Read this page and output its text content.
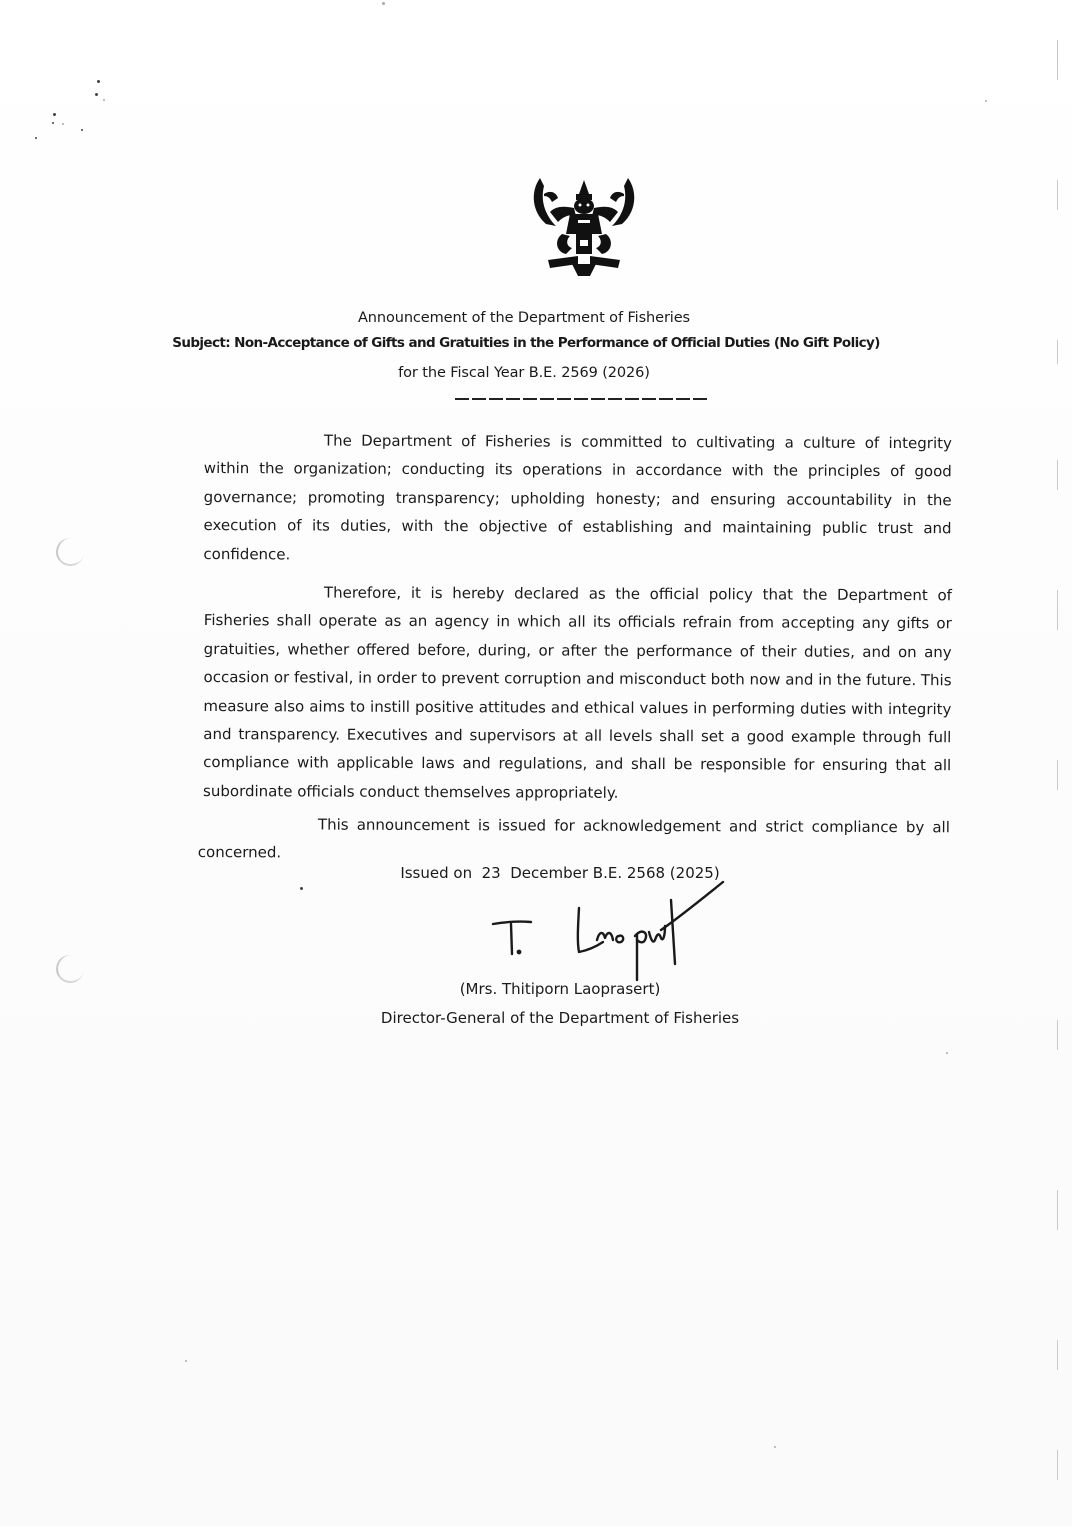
Announcement of the Department of Fisheries
Subject: Non-Acceptance of Gifts and Gratuities in the Performance of Official Duties (No Gift Policy)
for the Fiscal Year B.E. 2569 (2026)

The Department of Fisheries is committed to cultivating a culture of integrity within the organization; conducting its operations in accordance with the principles of good governance; promoting transparency; upholding honesty; and ensuring accountability in the execution of its duties, with the objective of establishing and maintaining public trust and confidence.

Therefore, it is hereby declared as the official policy that the Department of Fisheries shall operate as an agency in which all its officials refrain from accepting any gifts or gratuities, whether offered before, during, or after the performance of their duties, and on any occasion or festival, in order to prevent corruption and misconduct both now and in the future. This measure also aims to instill positive attitudes and ethical values in performing duties with integrity and transparency. Executives and supervisors at all levels shall set a good example through full compliance with applicable laws and regulations, and shall be responsible for ensuring that all subordinate officials conduct themselves appropriately.

This announcement is issued for acknowledgement and strict compliance by all concerned.

Issued on  23  December B.E. 2568 (2025)
(Mrs. Thitiporn Laoprasert)
Director-General of the Department of Fisheries
